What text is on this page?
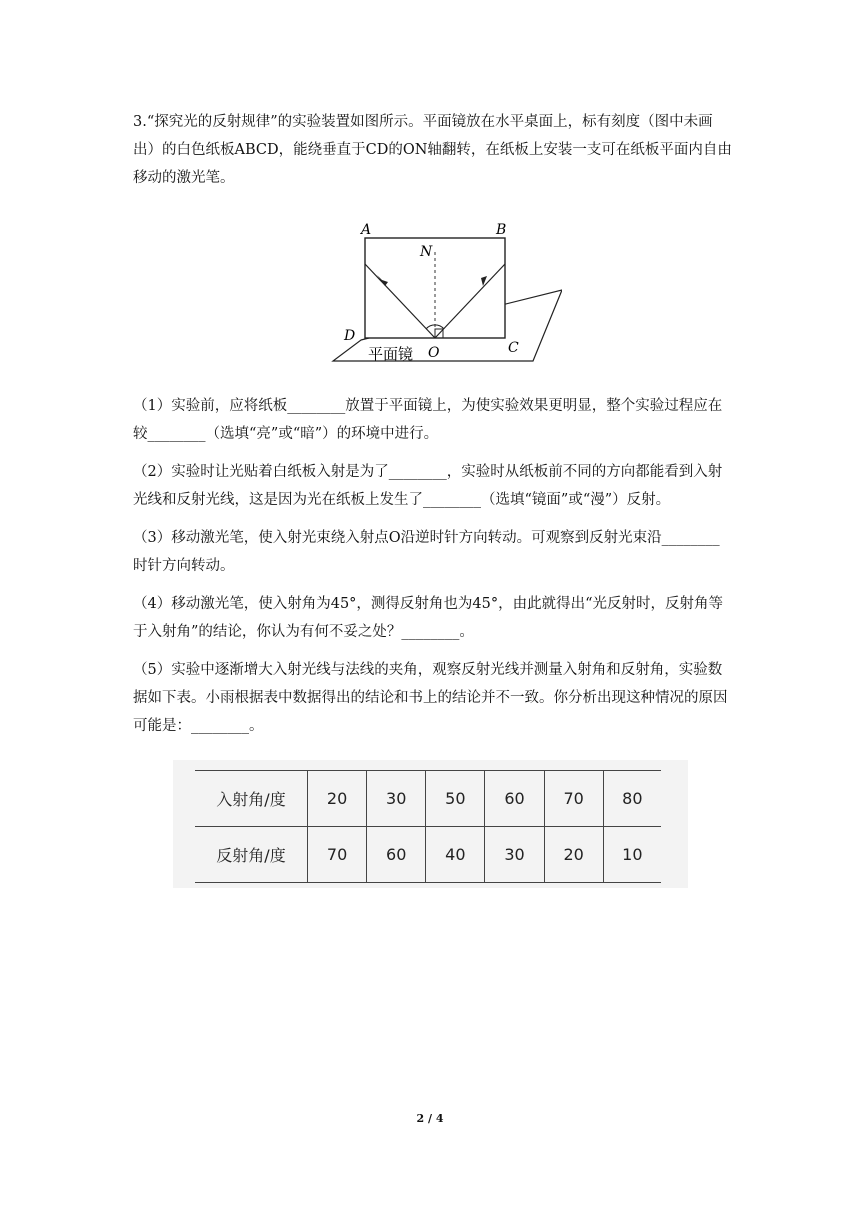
3.“探究光的反射规律”的实验装置如图所示。平面镜放在水平桌面上，标有刻度（图中未画出）的白色纸板ABCD，能绕垂直于CD的ON轴翻转，在纸板上安装一支可在纸板平面内自由移动的激光笔。

A	B
C
D
N
O
平面镜

（1）实验前，应将纸板________放置于平面镜上，为使实验效果更明显，整个实验过程应在较________（选填“亮”或“暗”）的环境中进行。

（2）实验时让光贴着白纸板入射是为了________，实验时从纸板前不同的方向都能看到入射光线和反射光线，这是因为光在纸板上发生了________（选填“镜面”或“漫”）反射。

（3）移动激光笔，使入射光束绕入射点O沿逆时针方向转动。可观察到反射光束沿________时针方向转动。

（4）移动激光笔，使入射角为45°，测得反射角也为45°，由此就得出“光反射时，反射角等于入射角”的结论，你认为有何不妥之处？________。

（5）实验中逐渐增大入射光线与法线的夹角，观察反射光线并测量入射角和反射角，实验数据如下表。小雨根据表中数据得出的结论和书上的结论并不一致。你分析出现这种情况的原因可能是：________。

入射角/度	20	30	50	60	70	80
反射角/度	70	60	40	30	20	10
2 / 4
